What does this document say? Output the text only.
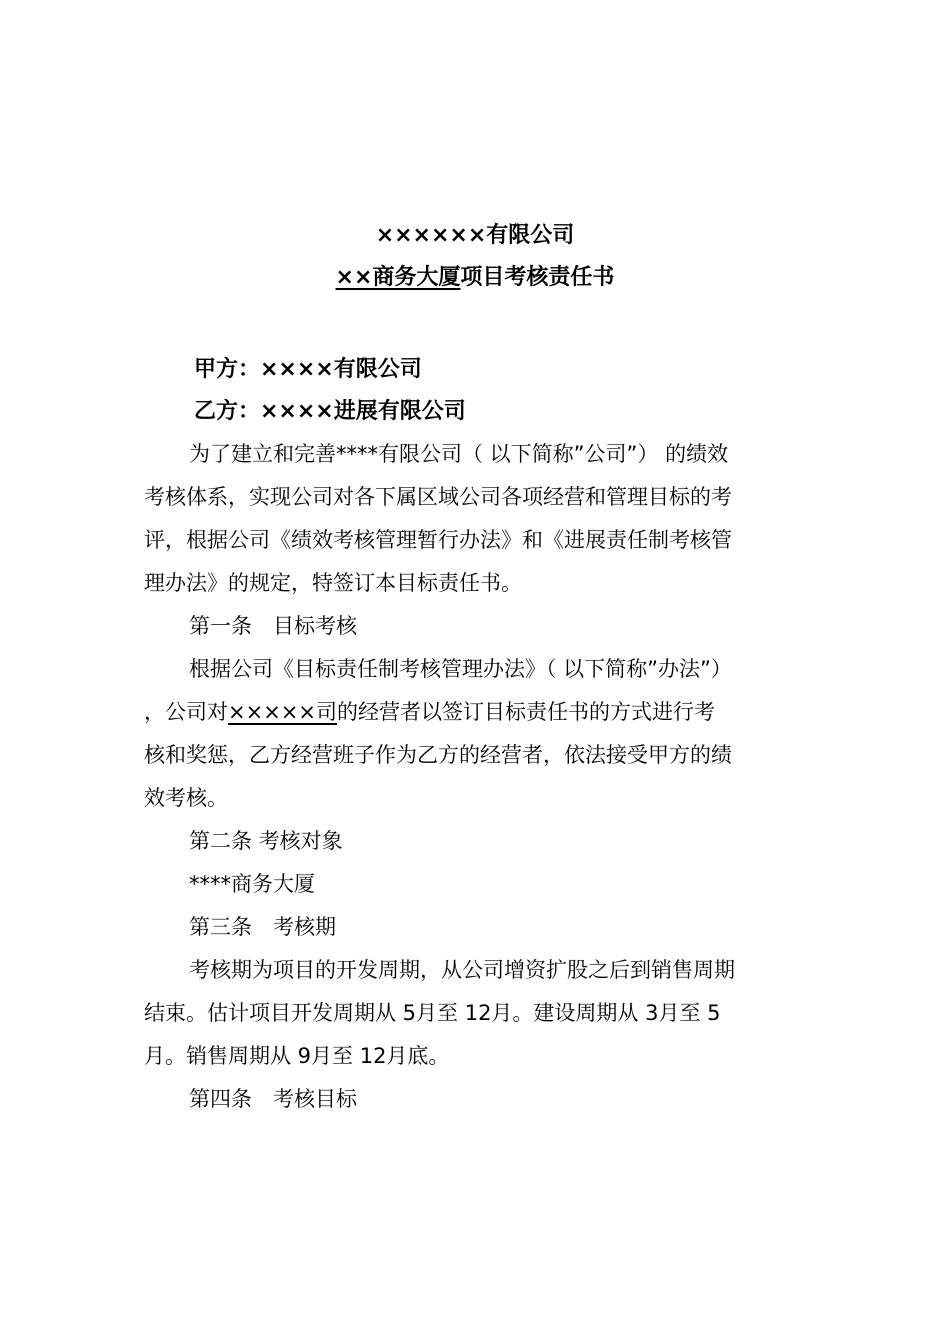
××××××有限公司
××商务大厦项目考核责任书
甲方：××××有限公司
乙方：××××进展有限公司
为了建立和完善****有限公司（ 以下简称”公司”） 的绩效
考核体系，实现公司对各下属区域公司各项经营和管理目标的考
评，根据公司《绩效考核管理暂行办法》和《进展责任制考核管
理办法》的规定，特签订本目标责任书。
第一条　目标考核
根据公司《目标责任制考核管理办法》（ 以下简称”办法”）
，公司对×××××司的经营者以签订目标责任书的方式进行考
核和奖惩，乙方经营班子作为乙方的经营者，依法接受甲方的绩
效考核。
第二条 考核对象
****商务大厦
第三条　考核期
考核期为项目的开发周期，从公司增资扩股之后到销售周期
结束。估计项目开发周期从 5月至 12月。建设周期从 3月至 5
月。销售周期从 9月至 12月底。
第四条　考核目标
